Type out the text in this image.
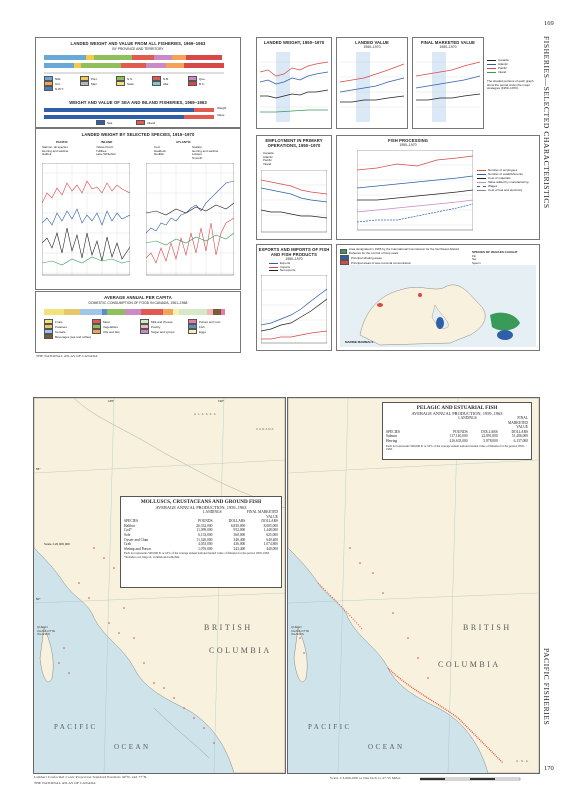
169
FISHERIES—SELECTED CHARACTERISTICS
LANDED WEIGHT AND VALUE FROM ALL FISHERIES, 1969–1963
BY PROVINCE AND TERRITORY
Nfld.	P.E.I.	N.S.	N.B.	Que.
Ont.	Man.	Sask.	Alta.	B.C.
N.W.T.
WEIGHT AND VALUE OF SEA AND INLAND FISHERIES, 1969–1963
Weight
Value
Sea	Inland
LANDED WEIGHT BY SELECTED SPECIES, 1915–1970
PACIFIC	INLAND	ATLANTIC
Salmon, all species
Herring and sardine
Halibut
Yellow Perch
Tullibee
Lake Whitefish
Cod
Haddock
Redfish
Scallop
Herring and sardine
Lobster
Smooth
AVERAGE ANNUAL PER CAPITA
DOMESTIC CONSUMPTION OF FOOD IN CANADA, 1961–1968
Fruits	Meat	Milk and cheese	Pulses and nuts
Potatoes	Vegetables	Poultry	Fish
Cereals	Oils and fats	Sugar and syrups	Eggs
Beverages (tea and coffee)
LANDED WEIGHT, 1950–1970	LANDED VALUE
1950–1970
FINAL MARKETED VALUE
1950–1970
Canada
Atlantic
Pacific
Inland
The shaded portions of each graph show the period under the major strategies (1950–1970).
EMPLOYMENT IN PRIMARY OPERATIONS, 1950–1970
Canada
Atlantic
Pacific
Inland
FISH PROCESSING
1950–1970
Number of employees
Number of establishments
Cost of materials
Value added by manufacturing
Wages
Cost of fuel and electricity
EXPORTS AND IMPORTS OF FISH AND FISH PRODUCTS
1950–1970
Exports
Imports
Net exports
Area designated in 1965 by the International Commission for the Northwest Atlantic Fisheries for the control of harp seals
Principal whaling areas
Principal areas of sea mammal concentration
SPECIES OF WHALES CAUGHT
Fin
Sei
Sperm
MARINE MAMMALS
THE NATIONAL ATLAS OF CANADA
ALASKA
CANADA
Scale 1:20,000,000
QUEEN CHARLOTTE ISLANDS
BRITISH
COLUMBIA
PACIFIC
OCEAN
135°	130°
55°
50°
MOLLUSCS, CRUSTACEANS AND GROUND FISH
AVERAGE ANNUAL PRODUCTION, 1959–1963
LANDINGS	FINAL MARKETED VALUE
SPECIES	POUNDS	DOLLARS	DOLLARS
Halibut	26,332,000	6,830,000	8,005,000
Cod*	11,099,000	952,000	1,448,000
Sole	6,133,000	360,000	625,000
Oyster and Clam	11,320,000	348,400	640,400
Crab	4,053,000	436,000	1,074,800
Shrimp and Prawn	1,076,000	243,400	440,000
Each dot represents 500,000 lb or 10% of the average annual national landed value of fisheries for the period 1959–1963.
*Includes cod, lingcod, rockfish and sablefish.
QUEEN CHARLOTTE ISLANDS
BRITISH
COLUMBIA
PACIFIC
OCEAN
U.S.A.
PELAGIC AND ESTUARIAL FISH
AVERAGE ANNUAL PRODUCTION, 1959–1963
LANDINGS	FINAL MARKETED VALUE
SPECIES	POUNDS	DOLLARS	DOLLARS
Salmon	117,140,000	22,891,000	51,406,000
Herring	416,633,000	5,878,000	6,137,000
Each dot represents 500,000 lb or 10% of the average annual national landed value of fisheries for the period 1959–1963.
Lambert Conformal Conic Projection Standard Parallels 49°N. and 77°N.
THE NATIONAL ATLAS OF CANADA
Scale 1:3,000,000 or One inch to 47.35 Miles
PACIFIC FISHERIES
170
